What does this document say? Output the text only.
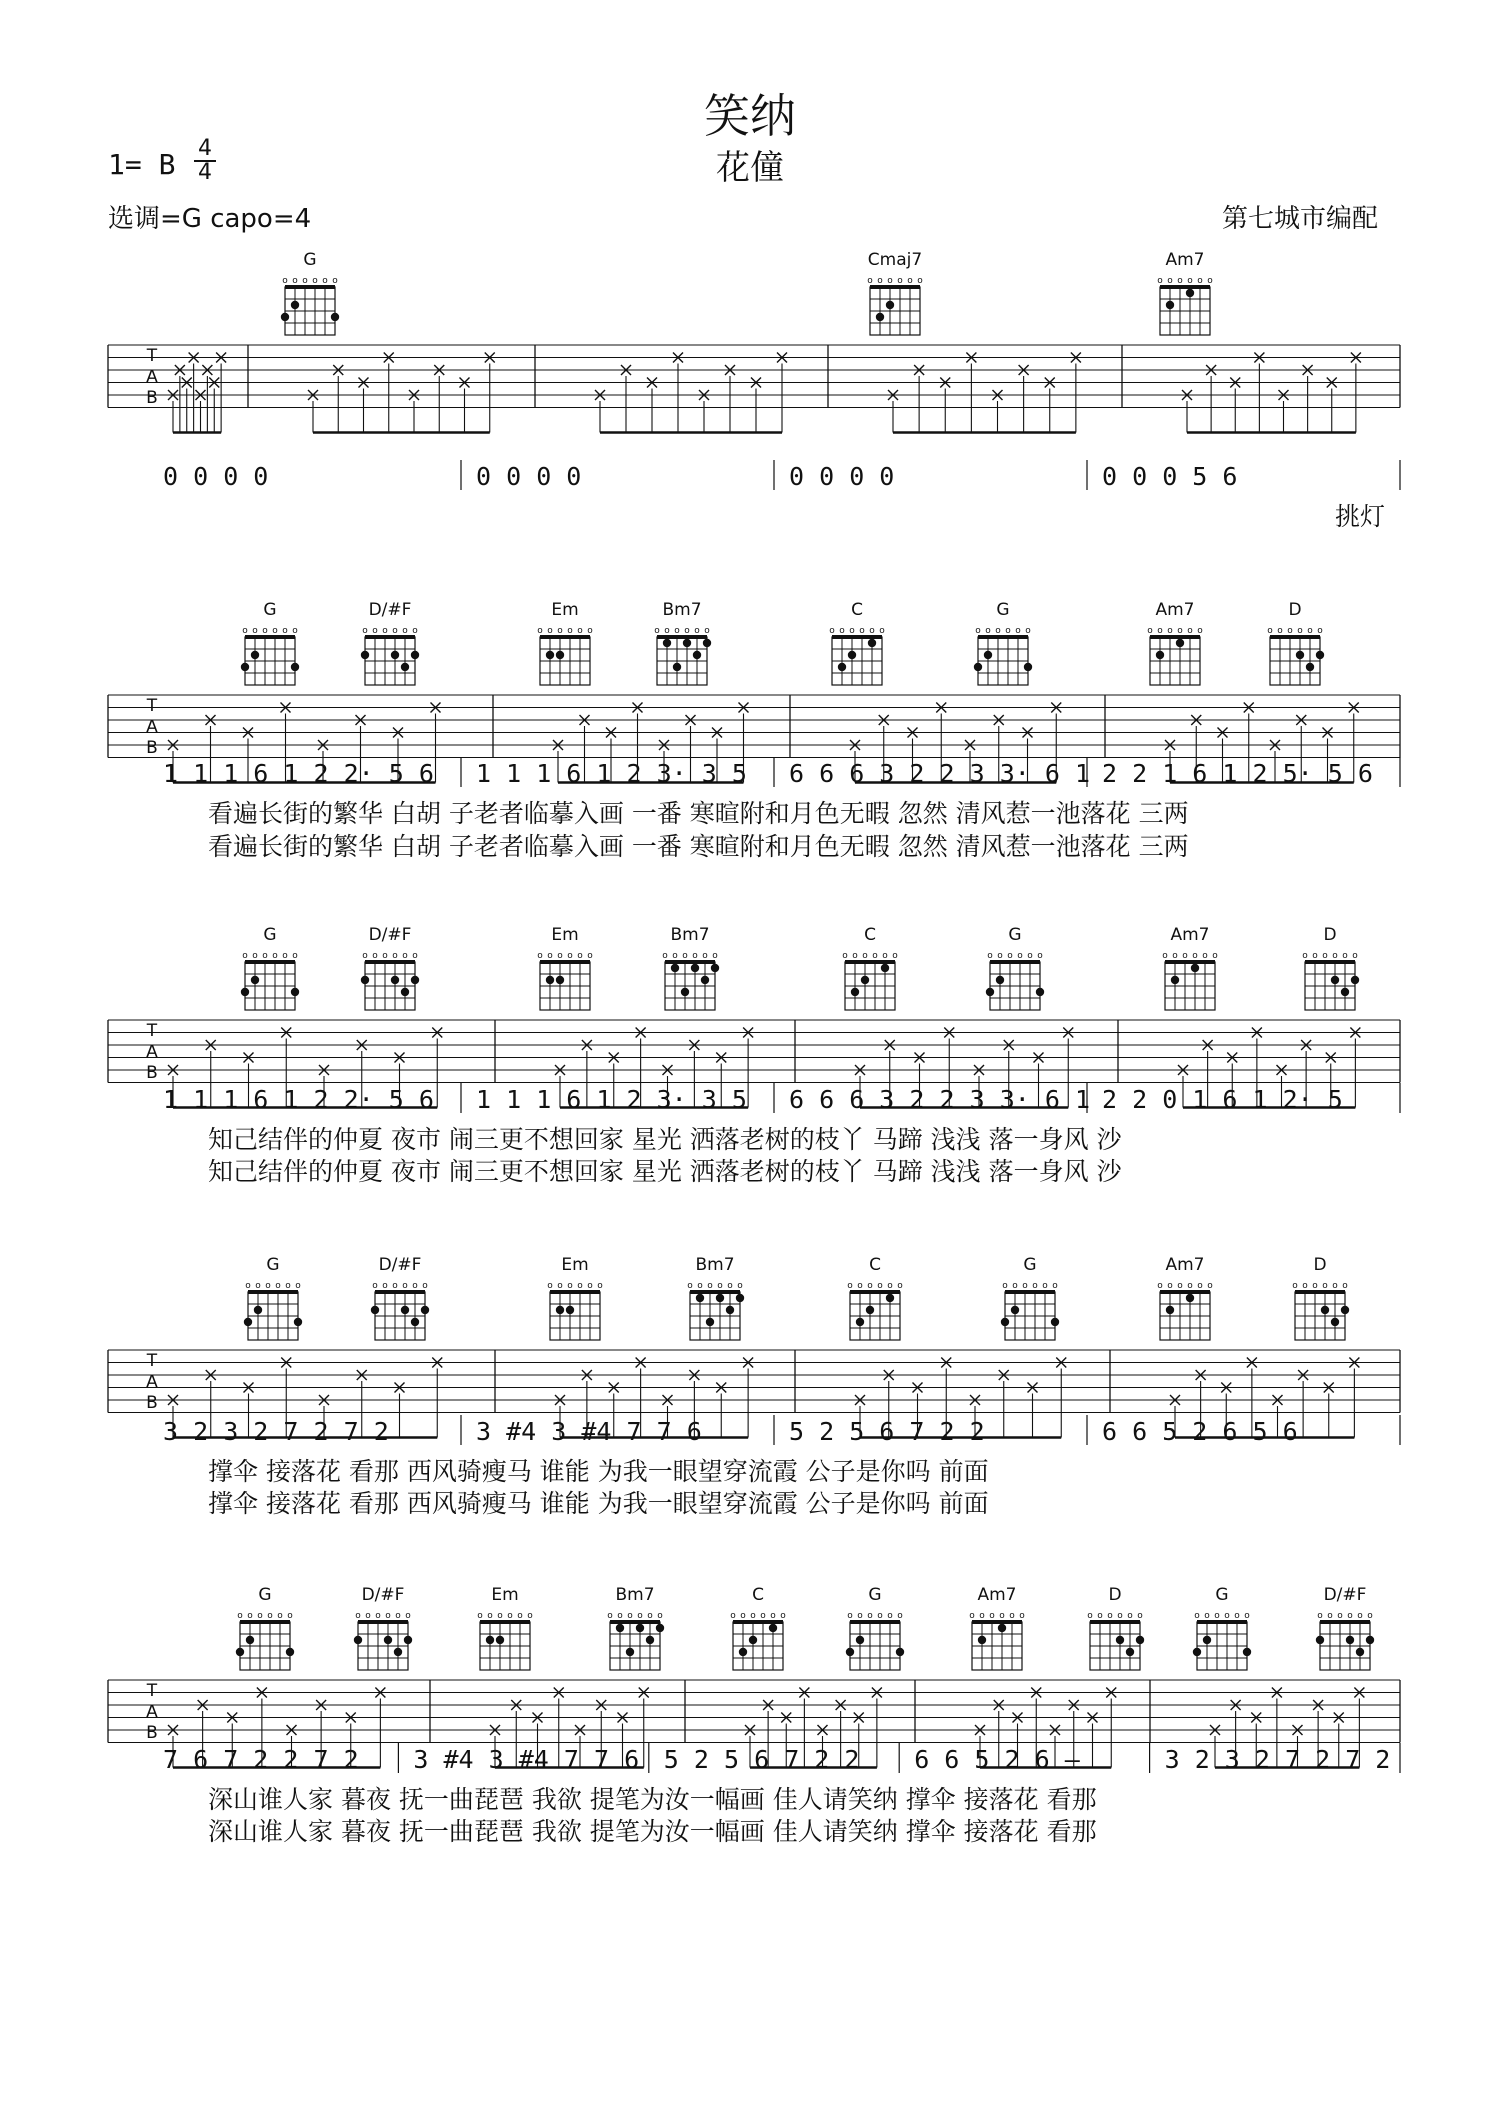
笑纳
花僮
1= B 4
4
选调=G capo=4	第七城市编配
T
A
B
0 0 0 0	0 0 0 0	0 0 0 0	0 0 0 5 6
挑灯
G
o o o o o o
Cmaj7
o o o o o o
Am7
o o o o o o
T
A
B
1 1 1 6 1 2 2· 5 6 1 1 1 6 1 2 3· 3 5 6 6 6 3 2 2 3 3· 6 1 2 2 1 6 1 2 5· 5 6
看遍长街的繁华 白胡 子老者临摹入画 一番 寒暄附和月色无暇 忽然 清风惹一池落花 三两
看遍长街的繁华 白胡 子老者临摹入画 一番 寒暄附和月色无暇 忽然 清风惹一池落花 三两
G
o o o o o o
D/#F
o o o o o o
Em
o o o o o o
Bm7
o o o o o o
C
o o o o o o
G
o o o o o o
Am7
o o o o o o
D
o o o o o o
T
A
B
1 1 1 6 1 2 2· 5 6 1 1 1 6 1 2 3· 3 5 6 6 6 3 2 2 3 3· 6 1 2 2 0 1 6 1 2· 5
知己结伴的仲夏 夜市 闹三更不想回家 星光 洒落老树的枝丫 马蹄 浅浅 落一身风 沙
知己结伴的仲夏 夜市 闹三更不想回家 星光 洒落老树的枝丫 马蹄 浅浅 落一身风 沙
G
o o o o o o
D/#F
o o o o o o
Em
o o o o o o
Bm7
o o o o o o
C
o o o o o o
G
o o o o o o
Am7
o o o o o o
D
o o o o o o
T
A
B
3 2 3 2 7 2 7 2	3 #4 3 #4 7 7 6	5 2 5 6 7 2 2	6 6 5 2 6 5 6
撑伞 接落花 看那 西风骑瘦马 谁能 为我一眼望穿流霞 公子是你吗 前面
撑伞 接落花 看那 西风骑瘦马 谁能 为我一眼望穿流霞 公子是你吗 前面
G
o o o o o o
D/#F
o o o o o o
Em
o o o o o o
Bm7
o o o o o o
C
o o o o o o
G
o o o o o o
Am7
o o o o o o
D
o o o o o o
T
A
B
7 6 7 2 2 7 2 3 #4 3 #4 7 7 6 5 2 5 6 7 2 2 6 6 5 2 6 –	3 2 3 2 7 2 7 2
深山谁人家 暮夜 抚一曲琵琶 我欲 提笔为汝一幅画 佳人请笑纳 撑伞 接落花 看那
深山谁人家 暮夜 抚一曲琵琶 我欲 提笔为汝一幅画 佳人请笑纳 撑伞 接落花 看那
G
o o o o o o
D/#F
o o o o o o
Em
o o o o o o
Bm7
o o o o o o
C
o o o o o o
G
o o o o o o
Am7
o o o o o o
D
o o o o o o
G
o o o o o o
D/#F
o o o o o o
